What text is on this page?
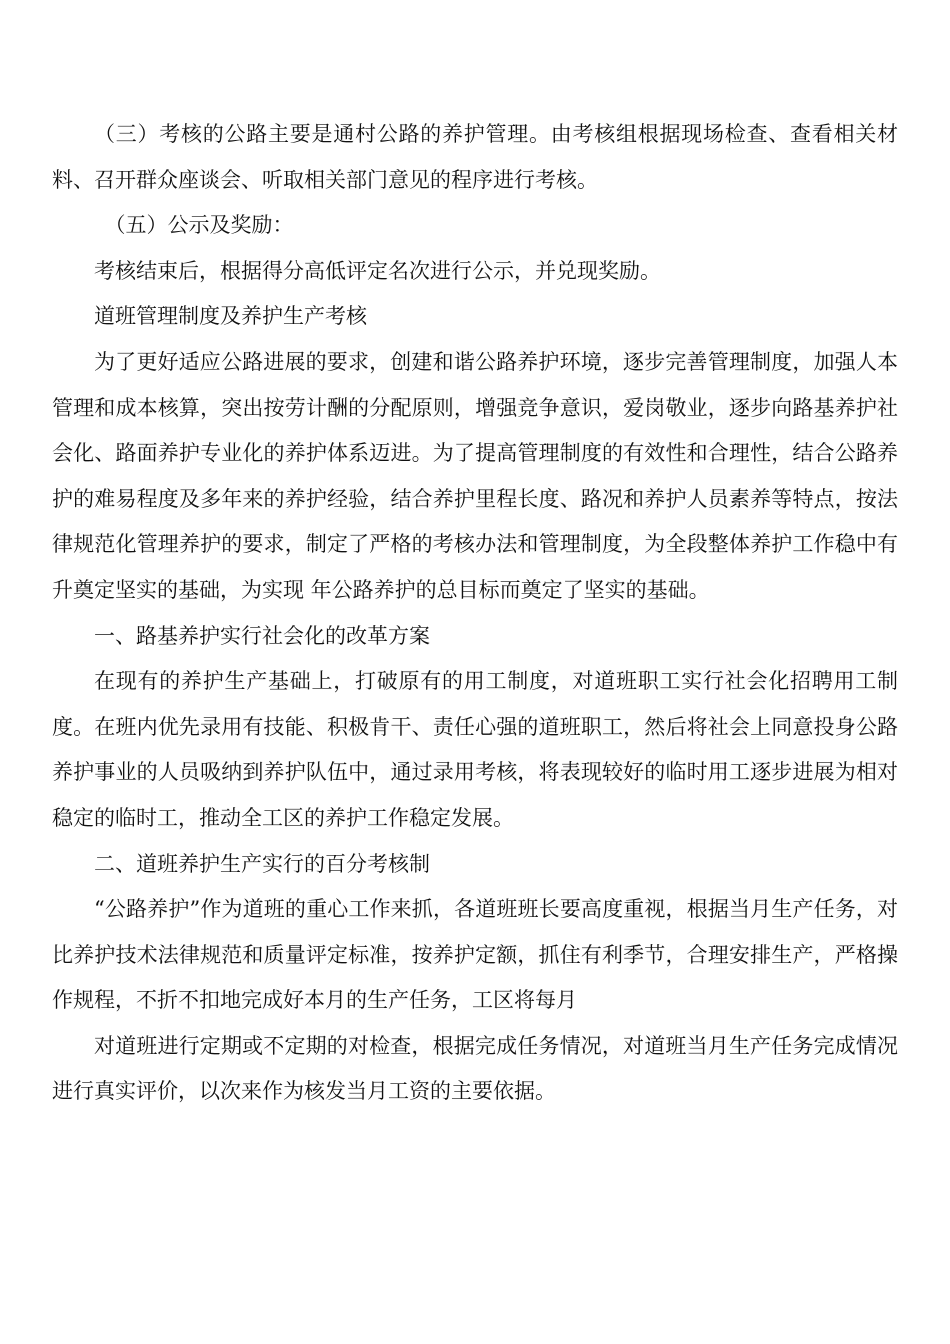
（三）考核的公路主要是通村公路的养护管理。由考核组根据现场检查、查看相关材料、召开群众座谈会、听取相关部门意见的程序进行考核。

（五）公示及奖励：

考核结束后，根据得分高低评定名次进行公示，并兑现奖励。

道班管理制度及养护生产考核

为了更好适应公路进展的要求，创建和谐公路养护环境，逐步完善管理制度，加强人本管理和成本核算，突出按劳计酬的分配原则，增强竞争意识，爱岗敬业，逐步向路基养护社会化、路面养护专业化的养护体系迈进。为了提高管理制度的有效性和合理性，结合公路养护的难易程度及多年来的养护经验，结合养护里程长度、路况和养护人员素养等特点，按法律规范化管理养护的要求，制定了严格的考核办法和管理制度，为全段整体养护工作稳中有升奠定坚实的基础，为实现 年公路养护的总目标而奠定了坚实的基础。

一、路基养护实行社会化的改革方案

在现有的养护生产基础上，打破原有的用工制度，对道班职工实行社会化招聘用工制度。在班内优先录用有技能、积极肯干、责任心强的道班职工，然后将社会上同意投身公路养护事业的人员吸纳到养护队伍中，通过录用考核，将表现较好的临时用工逐步进展为相对稳定的临时工，推动全工区的养护工作稳定发展。

二、道班养护生产实行的百分考核制

“公路养护”作为道班的重心工作来抓，各道班班长要高度重视，根据当月生产任务，对比养护技术法律规范和质量评定标准，按养护定额，抓住有利季节，合理安排生产，严格操作规程，不折不扣地完成好本月的生产任务，工区将每月

对道班进行定期或不定期的对检查，根据完成任务情况，对道班当月生产任务完成情况进行真实评价，以次来作为核发当月工资的主要依据。
